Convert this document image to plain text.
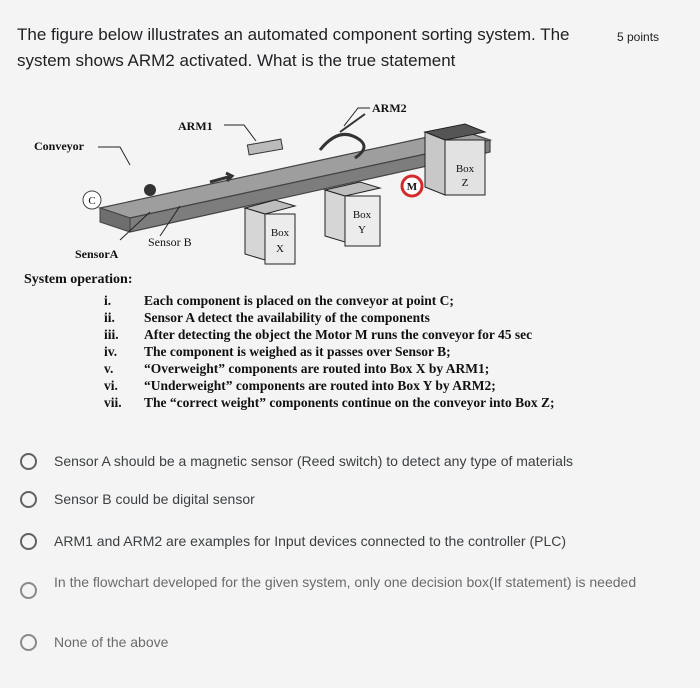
The figure below illustrates an automated component sorting system. The system shows ARM2 activated. What is the true statement
5 points
Box
Z
M
Box
X
Box
Y
ARM1
ARM2
Conveyor
C
Sensor B
SensorA
System operation:
i.	Each component is placed on the conveyor at point C;
ii.	Sensor A detect the availability of the components
iii.	After detecting the object the Motor M runs the conveyor for 45 sec
iv.	The component is weighed as it passes over Sensor B;
v.	“Overweight” components are routed into Box X by ARM1;
vi.	“Underweight” components are routed into Box Y by ARM2;
vii.	The “correct weight” components continue on the conveyor into Box Z;
Sensor A should be a magnetic sensor (Reed switch) to detect any type of materials
Sensor B could be digital sensor
ARM1 and ARM2 are examples for Input devices connected to the controller (PLC)
In the flowchart developed for the given system, only one decision box(If statement) is needed
None of the above
